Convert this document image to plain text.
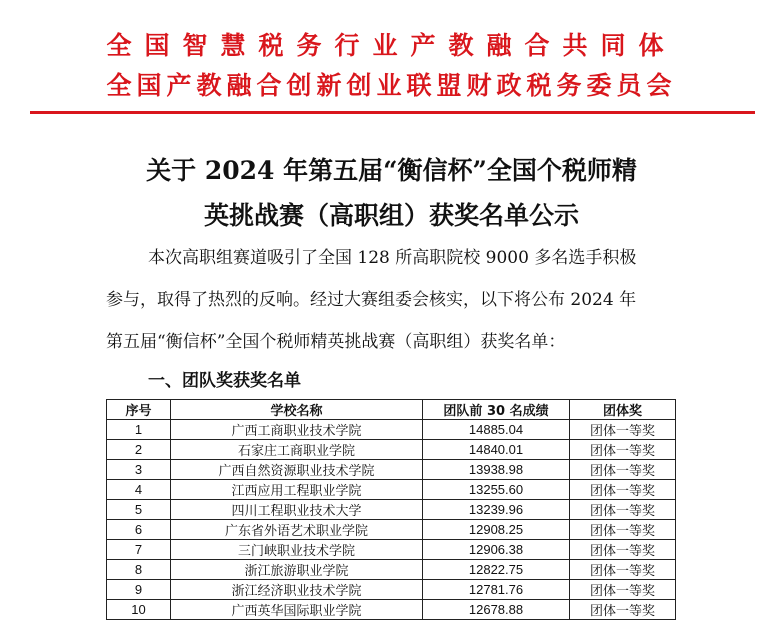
全国智慧税务行业产教融合共同体
全国产教融合创新创业联盟财政税务委员会
关于 2024 年第五届“衡信杯”全国个税师精
英挑战赛（高职组）获奖名单公示
本次高职组赛道吸引了全国 128 所高职院校 9000 多名选手积极
参与，取得了热烈的反响。经过大赛组委会核实，以下将公布 2024 年
第五届“衡信杯”全国个税师精英挑战赛（高职组）获奖名单：
一、团队奖获奖名单
序号	学校名称	团队前 30 名成绩	团体奖
1	广西工商职业技术学院	14885.04	团体一等奖
2	石家庄工商职业学院	14840.01	团体一等奖
3	广西自然资源职业技术学院	13938.98	团体一等奖
4	江西应用工程职业学院	13255.60	团体一等奖
5	四川工程职业技术大学	13239.96	团体一等奖
6	广东省外语艺术职业学院	12908.25	团体一等奖
7	三门峡职业技术学院	12906.38	团体一等奖
8	浙江旅游职业学院	12822.75	团体一等奖
9	浙江经济职业技术学院	12781.76	团体一等奖
10	广西英华国际职业学院	12678.88	团体一等奖
